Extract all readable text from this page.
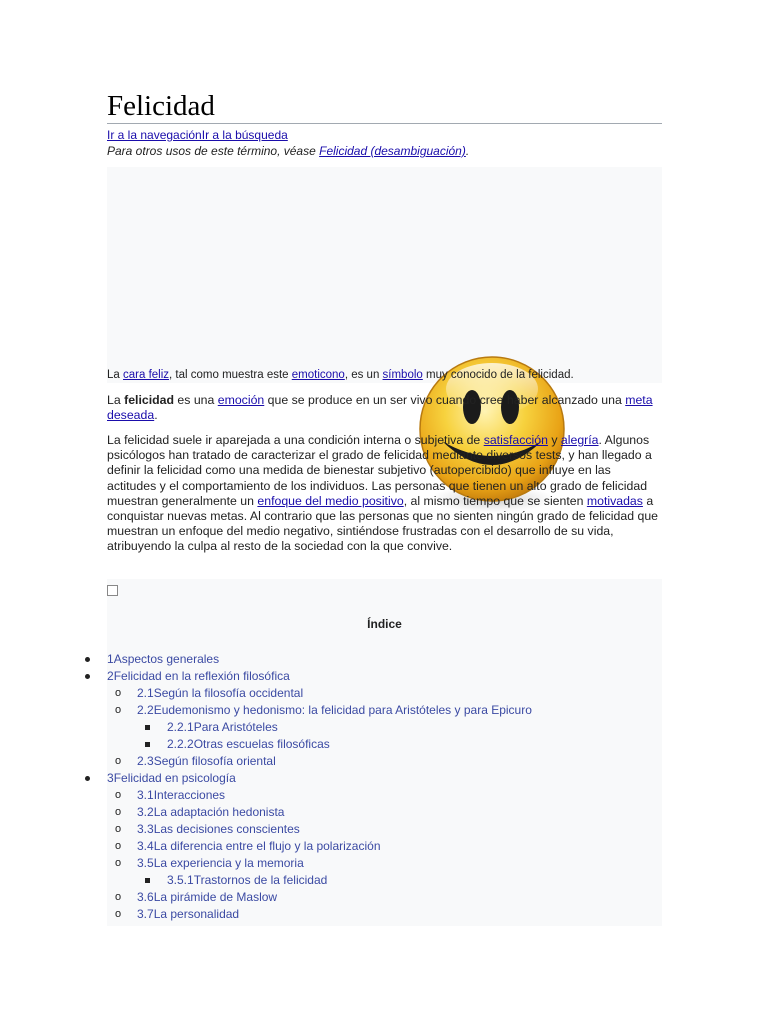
Felicidad
Ir a la navegaciónIr a la búsqueda
Para otros usos de este término, véase Felicidad (desambiguación).
La cara feliz, tal como muestra este emoticono, es un símbolo muy conocido de la felicidad.

La felicidad es una emoción que se produce en un ser vivo cuando cree haber alcanzado una meta deseada.

La felicidad suele ir aparejada a una condición interna o subjetiva de satisfacción y alegría. Algunos psicólogos han tratado de caracterizar el grado de felicidad mediante diversos tests, y han llegado a definir la felicidad como una medida de bienestar subjetivo (autopercibido) que influye en las actitudes y el comportamiento de los individuos. Las personas que tienen un alto grado de felicidad muestran generalmente un enfoque del medio positivo, al mismo tiempo que se sienten motivadas a conquistar nuevas metas. Al contrario que las personas que no sienten ningún grado de felicidad que muestran un enfoque del medio negativo, sintiéndose frustradas con el desarrollo de su vida, atribuyendo la culpa al resto de la sociedad con la que convive.

Índice
1Aspectos generales
2Felicidad en la reflexión filosófica
o 2.1Según la filosofía occidental
o 2.2Eudemonismo y hedonismo: la felicidad para Aristóteles y para Epicuro
2.2.1Para Aristóteles
2.2.2Otras escuelas filosóficas
o 2.3Según filosofía oriental
3Felicidad en psicología
o 3.1Interacciones
o 3.2La adaptación hedonista
o 3.3Las decisiones conscientes
o 3.4La diferencia entre el flujo y la polarización
o 3.5La experiencia y la memoria
3.5.1Trastornos de la felicidad
o 3.6La pirámide de Maslow
o 3.7La personalidad
